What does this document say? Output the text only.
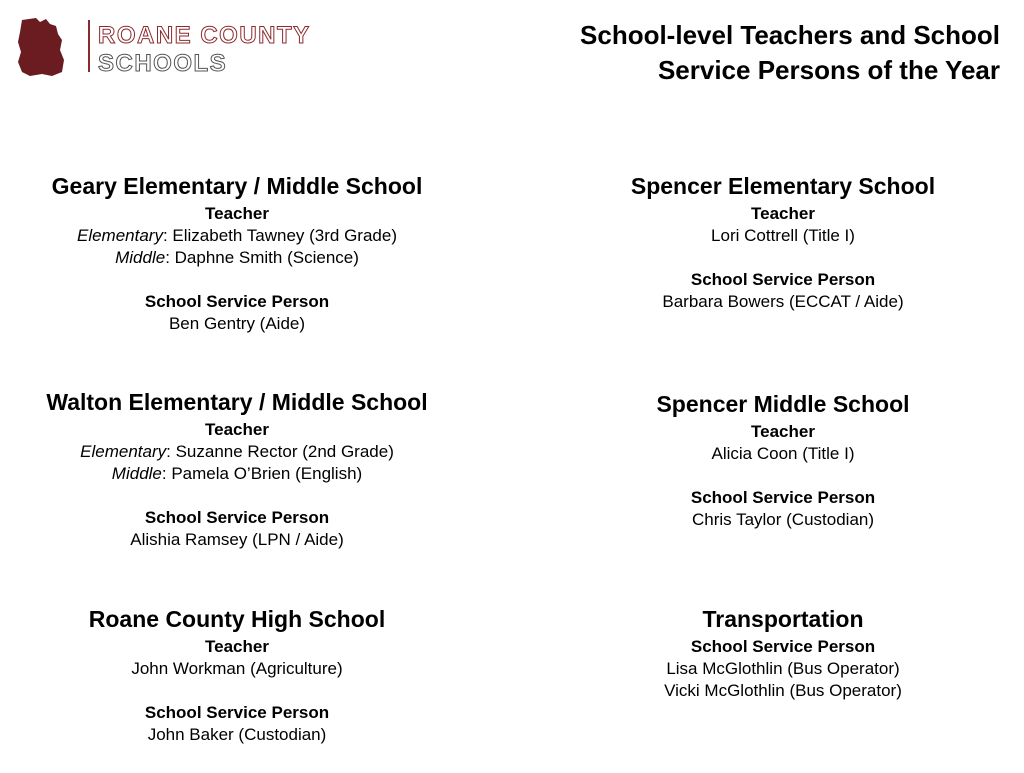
ROANE COUNTY
SCHOOLS
School-level Teachers and School
Service Persons of the Year
Geary Elementary / Middle School
Teacher
Elementary: Elizabeth Tawney (3rd Grade)
Middle: Daphne Smith (Science)
School Service Person
Ben Gentry (Aide)
Walton Elementary / Middle School
Teacher
Elementary: Suzanne Rector (2nd Grade)
Middle: Pamela O’Brien (English)
School Service Person
Alishia Ramsey (LPN / Aide)
Roane County High School
Teacher
John Workman (Agriculture)
School Service Person
John Baker (Custodian)
Spencer Elementary School
Teacher
Lori Cottrell (Title I)
School Service Person
Barbara Bowers (ECCAT / Aide)
Spencer Middle School
Teacher
Alicia Coon (Title I)
School Service Person
Chris Taylor (Custodian)
Transportation
School Service Person
Lisa McGlothlin (Bus Operator)
Vicki McGlothlin (Bus Operator)
